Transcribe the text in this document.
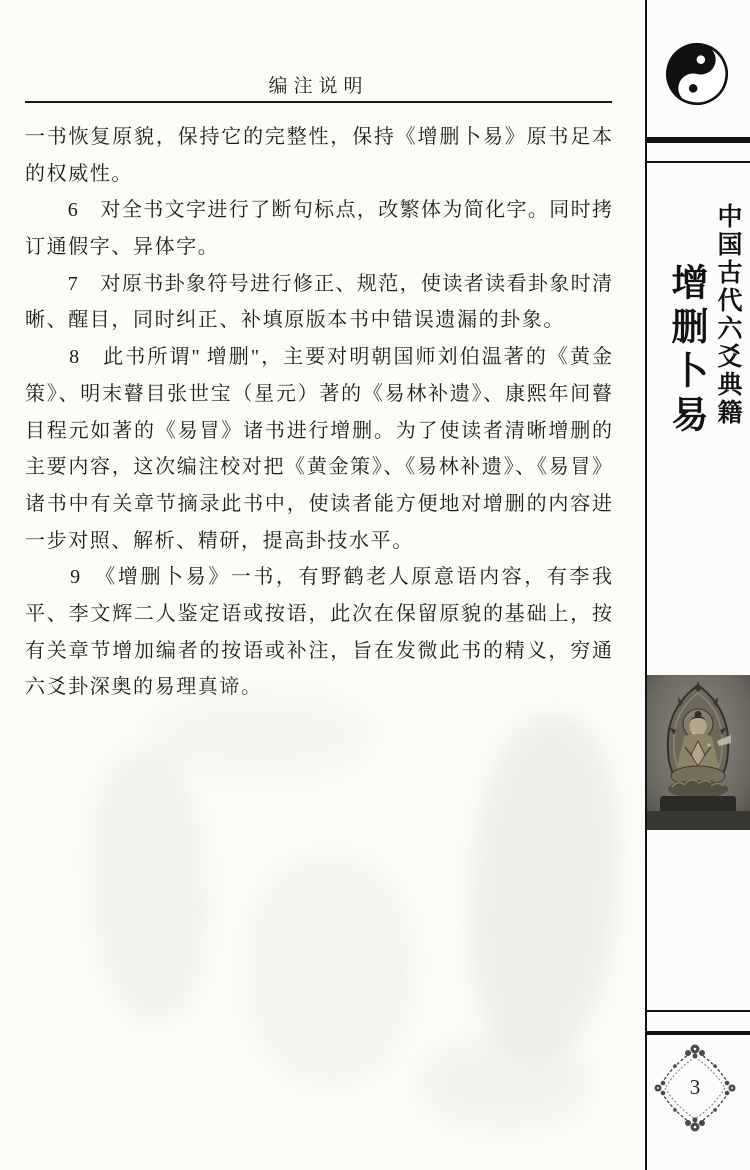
编注说明
一书恢复原貌，保持它的完整性，保持《增删卜易》原书足本
的权威性。
　　6　对全书文字进行了断句标点，改繁体为简化字。同时拷
订通假字、异体字。
　　7　对原书卦象符号进行修正、规范，使读者读看卦象时清
晰、醒目，同时纠正、补填原版本书中错误遗漏的卦象。
　　8　此书所谓" 增删"，主要对明朝国师刘伯温著的《黄金
策》、明末瞽目张世宝（星元）著的《易林补遗》、康熙年间瞽
目程元如著的《易冒》诸书进行增删。为了使读者清晰增删的
主要内容，这次编注校对把《黄金策》、《易林补遗》、《易冒》
诸书中有关章节摘录此书中，使读者能方便地对增删的内容进
一步对照、解析、精研，提高卦技水平。
　　9　《增删卜易》一书，有野鹤老人原意语内容，有李我
平、李文辉二人鉴定语或按语，此次在保留原貌的基础上，按
有关章节增加编者的按语或补注，旨在发微此书的精义，穷通
六爻卦深奥的易理真谛。
中国古代六爻典籍
增删卜易
3
